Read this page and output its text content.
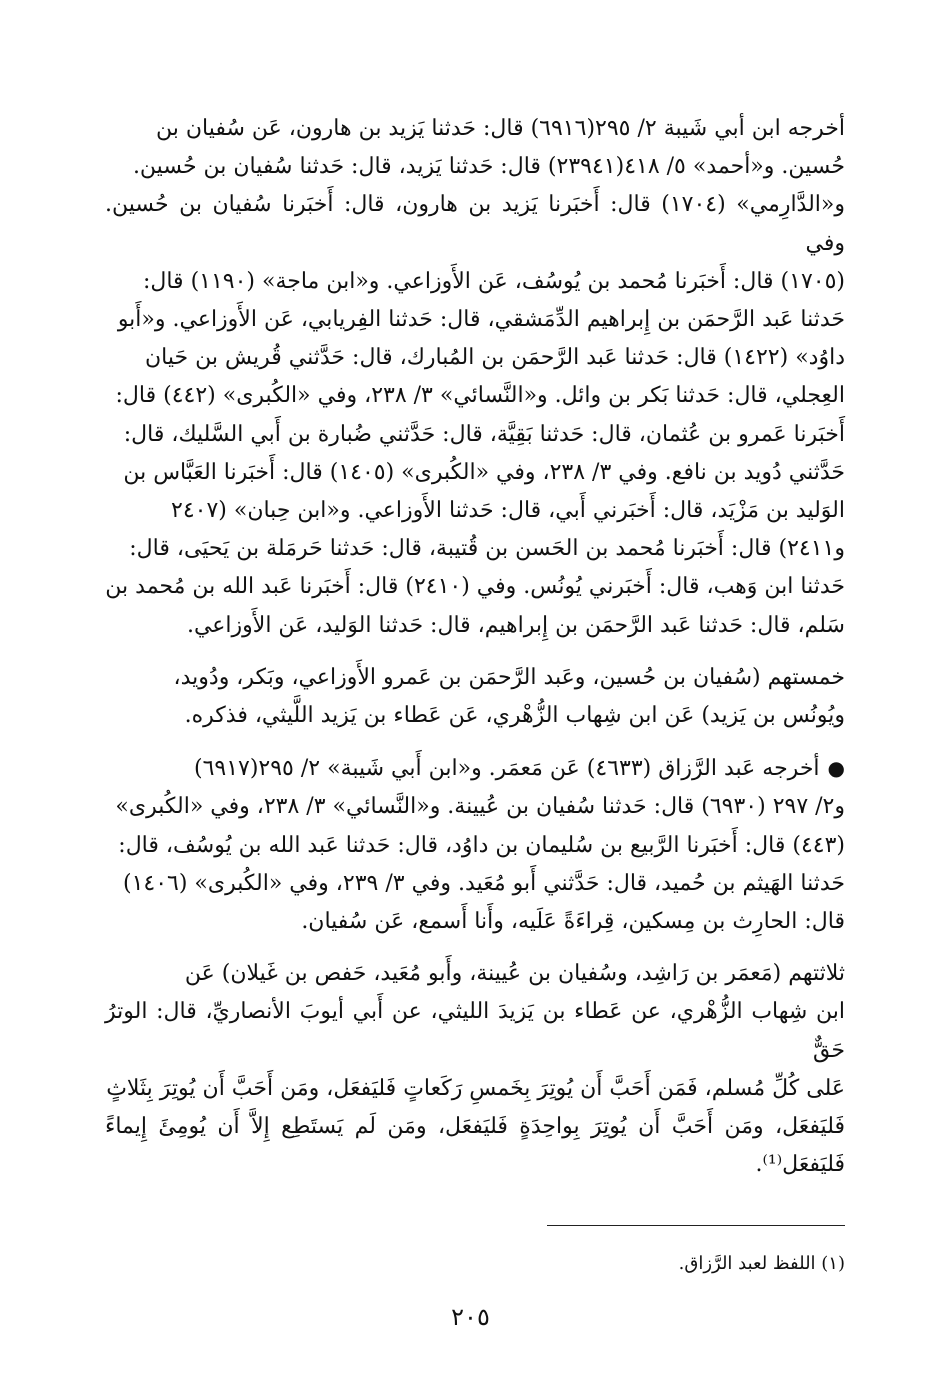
أخرجه ابن أبي شَيبة ٢/ ٢٩٥(٦٩١٦) قال: حَدثنا يَزيد بن هارون، عَن سُفيان بن

حُسين. و«أحمد» ٥/ ٤١٨(٢٣٩٤١) قال: حَدثنا يَزيد، قال: حَدثنا سُفيان بن حُسين.

و«الدَّارِمي» (١٧٠٤) قال: أَخبَرنا يَزيد بن هارون، قال: أَخبَرنا سُفيان بن حُسين. وفي

(١٧٠٥) قال: أَخبَرنا مُحمد بن يُوسُف، عَن الأَوزاعي. و«ابن ماجة» (١١٩٠) قال:

حَدثنا عَبد الرَّحمَن بن إِبراهيم الدِّمَشقي، قال: حَدثنا الفِريابي، عَن الأَوزاعي. و«أَبو

داوُد» (١٤٢٢) قال: حَدثنا عَبد الرَّحمَن بن المُبارك، قال: حَدَّثني قُريش بن حَيان

العِجلي، قال: حَدثنا بَكر بن وائل. و«النَّسائي» ٣/ ٢٣٨، وفي «الكُبرى» (٤٤٢) قال:

أَخبَرنا عَمرو بن عُثمان، قال: حَدثنا بَقِيَّة، قال: حَدَّثني ضُبارة بن أَبي السَّليك، قال:

حَدَّثني دُويد بن نافع. وفي ٣/ ٢٣٨، وفي «الكُبرى» (١٤٠٥) قال: أَخبَرنا العَبَّاس بن

الوَليد بن مَزْيَد، قال: أَخبَرني أَبي، قال: حَدثنا الأَوزاعي. و«ابن حِبان» (٢٤٠٧

و٢٤١١) قال: أَخبَرنا مُحمد بن الحَسن بن قُتيبة، قال: حَدثنا حَرمَلة بن يَحيَى، قال:

حَدثنا ابن وَهب، قال: أَخبَرني يُونُس. وفي (٢٤١٠) قال: أَخبَرنا عَبد الله بن مُحمد بن

سَلم، قال: حَدثنا عَبد الرَّحمَن بن إِبراهيم، قال: حَدثنا الوَليد، عَن الأَوزاعي.

خمستهم (سُفيان بن حُسين، وعَبد الرَّحمَن بن عَمرو الأَوزاعي، وبَكر، ودُويد،

ويُونُس بن يَزيد) عَن ابن شِهاب الزُّهْري، عَن عَطاء بن يَزيد اللَّيثي، فذكره.

●أخرجه عَبد الرَّزاق (٤٦٣٣) عَن مَعمَر. و«ابن أَبي شَيبة» ٢/ ٢٩٥(٦٩١٧)

و٢/ ٢٩٧ (٦٩٣٠) قال: حَدثنا سُفيان بن عُيينة. و«النَّسائي» ٣/ ٢٣٨، وفي «الكُبرى»

(٤٤٣) قال: أَخبَرنا الرَّبيع بن سُليمان بن داوُد، قال: حَدثنا عَبد الله بن يُوسُف، قال:

حَدثنا الهَيثم بن حُميد، قال: حَدَّثني أَبو مُعَيد. وفي ٣/ ٢٣٩، وفي «الكُبرى» (١٤٠٦)

قال: الحارِث بن مِسكين، قِراءَةً عَلَيه، وأَنا أَسمع، عَن سُفيان.

ثلاثتهم (مَعمَر بن رَاشِد، وسُفيان بن عُيينة، وأَبو مُعَيد، حَفص بن غَيلان) عَن

ابن شِهاب الزُّهْري، عن عَطاء بن يَزيدَ الليثي، عن أَبي أيوبَ الأنصاريِّ، قال: الوترُ حَقٌّ

عَلى كُلِّ مُسلم، فَمَن أَحَبَّ أَن يُوتِرَ بِخَمسِ رَكَعاتٍ فَليَفعَل، ومَن أَحَبَّ أَن يُوتِرَ بِثَلاثٍ

فَليَفعَل، ومَن أَحَبَّ أَن يُوتِرَ بِواحِدَةٍ فَليَفعَل، ومَن لَم يَستَطِع إِلاَّ أَن يُومِئَ إِيماءً فَليَفعَل⁽¹⁾.

(١) اللفظ لعبد الرَّزاق.
٢٠٥
